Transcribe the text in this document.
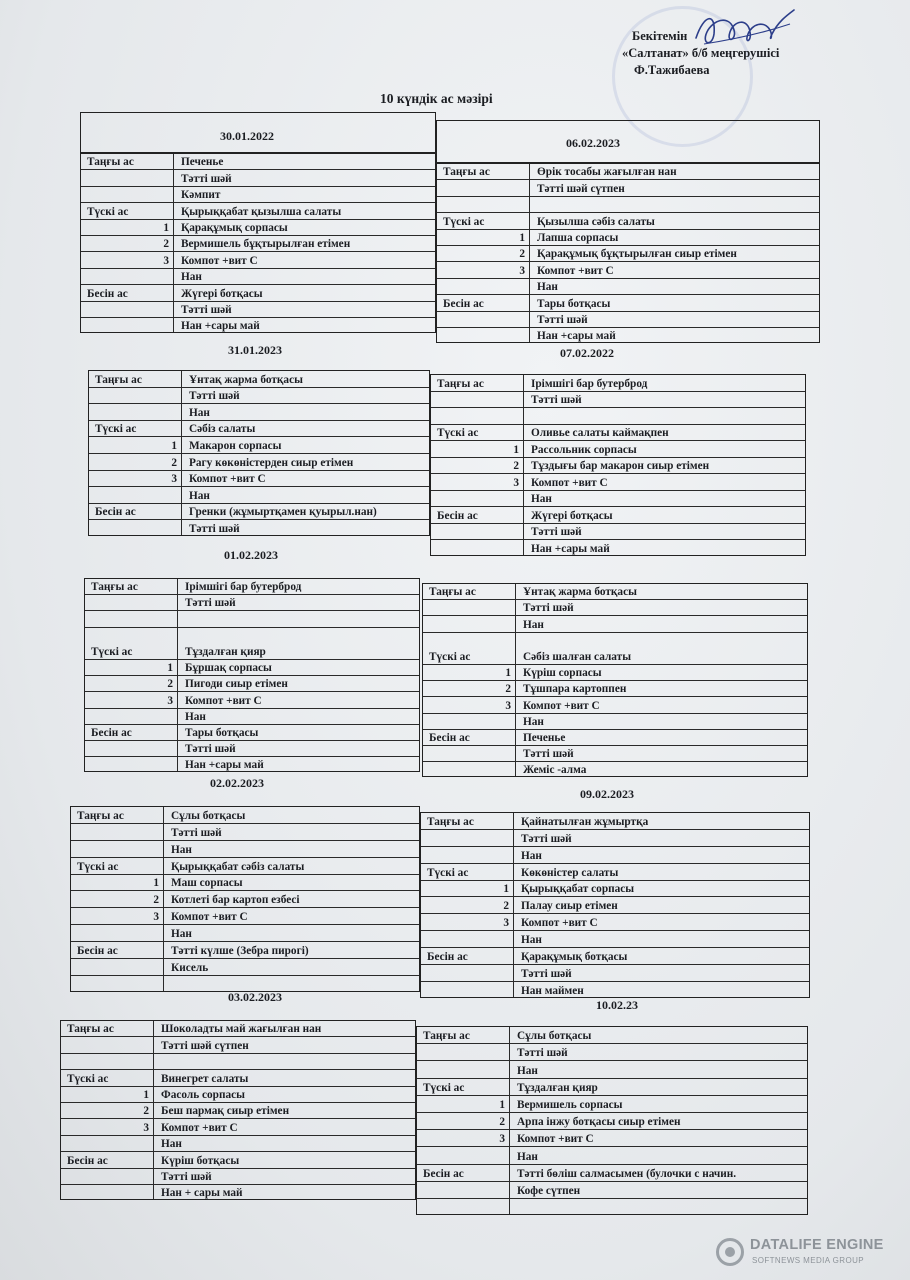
Бекітемін
«Салтанат» б/б меңгерушісі
Ф.Тажибаева
10 күндік ас мәзірі
30.01.2022
Таңғы ас	Печенье
Тәтті шәй
Кәмпит
Түскі ас	Қырыққабат қызылша салаты
1 Қарақұмық сорпасы
2 Вермишель бұқтырылған етімен
3 Компот +вит С
Нан
Бесін ас	Жүгері ботқасы
Тәтті шәй
Нан +сары май
06.02.2023
Таңғы ас	Өрік тосабы жағылған нан
Тәтті шәй сүтпен
Түскі ас	Қызылша сәбіз салаты
1 Лапша сорпасы
2 Қарақұмық бұқтырылған сиыр етімен
3 Компот +вит С
Нан
Бесін ас	Тары ботқасы
Тәтті шәй
Нан +сары май
31.01.2023
Таңғы ас	Ұнтақ жарма ботқасы
Тәтті шәй
Нан
Түскі ас	Сәбіз салаты
1 Макарон сорпасы
2 Рагу көкөністерден сиыр етімен
3 Компот +вит С
Нан
Бесін ас	Гренки (жұмыртқамен қуырыл.нан)
Тәтті шәй
07.02.2022
Таңғы ас	Ірімшігі бар бутерброд
Тәтті шәй
Түскі ас	Оливье салаты каймақпен
1 Рассольник сорпасы
2 Тұздығы бар макарон сиыр етімен
3 Компот +вит С
Нан
Бесін ас	Жүгері ботқасы
Тәтті шәй
Нан +сары май
01.02.2023
Таңғы ас	Ірімшігі бар бутерброд
Тәтті шәй
Түскі ас	Тұздалған қияр
1 Бұршақ сорпасы
2 Пигоди сиыр етімен
3 Компот +вит С
Нан
Бесін ас	Тары ботқасы
Тәтті шәй
Нан +сары май
Таңғы ас	Ұнтақ жарма ботқасы
Тәтті шәй
Нан
Түскі ас	Сәбіз шалған салаты
1 Күріш сорпасы
2 Тұшпара картоппен
3 Компот +вит С
Нан
Бесін ас	Печенье
Тәтті шәй
Жеміс -алма
02.02.2023
Таңғы ас	Сұлы ботқасы
Тәтті шәй
Нан
Түскі ас	Қырыққабат сәбіз салаты
1 Маш сорпасы
2 Котлеті бар картоп езбесі
3 Компот +вит С
Нан
Бесін ас	Тәтті күлше (Зебра пирогі)
Кисель
09.02.2023
Таңғы ас	Қайнатылған жұмыртқа
Тәтті шәй
Нан
Түскі ас	Көкөністер салаты
1 Қырыққабат сорпасы
2 Палау сиыр етімен
3 Компот +вит С
Нан
Бесін ас	Қарақұмық ботқасы
Тәтті шәй
Нан маймен
03.02.2023
Таңғы ас	Шоколадты май жағылған нан
Тәтті шәй сүтпен
Түскі ас	Винегрет салаты
1 Фасоль сорпасы
2 Беш пармақ сиыр етімен
3 Компот +вит С
Нан
Бесін ас	Күріш ботқасы
Тәтті шәй
Нан + сары май
10.02.23
Таңғы ас	Сұлы ботқасы
Тәтті шәй
Нан
Түскі ас	Тұздалған қияр
1 Вермишель сорпасы
2 Арпа інжу ботқасы сиыр етімен
3 Компот +вит С
Нан
Бесін ас	Тәтті бөліш салмасымен (булочки с начин.
Кофе сүтпен
DATALIFE ENGINE
SOFTNEWS MEDIA GROUP
